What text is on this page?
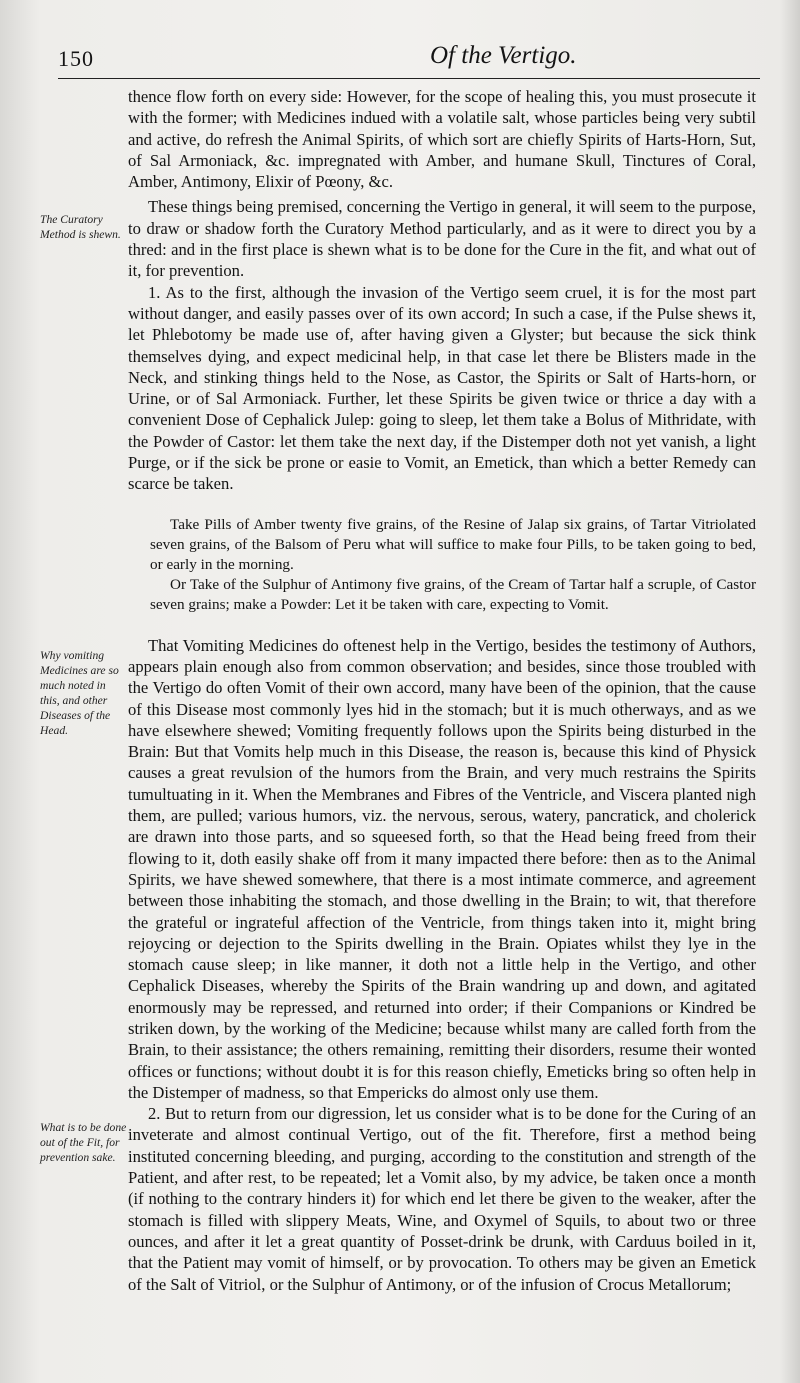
150	Of the Vertigo.
The Curatory Method is shewn.
Why vomiting Medicines are so much noted in this, and other Diseases of the Head.
What is to be done out of the Fit, for prevention sake.

thence flow forth on every side: However, for the scope of healing this, you must prosecute it with the former; with Medicines indued with a volatile salt, whose particles being very subtil and active, do refresh the Animal Spirits, of which sort are chiefly Spirits of Harts-Horn, Sut, of Sal Armoniack, &c. impregnated with Amber, and humane Skull, Tinctures of Coral, Amber, Antimony, Elixir of Pœony, &c.

These things being premised, concerning the Vertigo in general, it will seem to the purpose, to draw or shadow forth the Curatory Method particularly, and as it were to direct you by a thred: and in the first place is shewn what is to be done for the Cure in the fit, and what out of it, for prevention.

1. As to the first, although the invasion of the Vertigo seem cruel, it is for the most part without danger, and easily passes over of its own accord; In such a case, if the Pulse shews it, let Phlebotomy be made use of, after having given a Glyster; but because the sick think themselves dying, and expect medicinal help, in that case let there be Blisters made in the Neck, and stinking things held to the Nose, as Castor, the Spirits or Salt of Harts-horn, or Urine, or of Sal Armoniack. Further, let these Spirits be given twice or thrice a day with a convenient Dose of Cephalick Julep: going to sleep, let them take a Bolus of Mithridate, with the Powder of Castor: let them take the next day, if the Distemper doth not yet vanish, a light Purge, or if the sick be prone or easie to Vomit, an Emetick, than which a better Remedy can scarce be taken.

Take Pills of Amber twenty five grains, of the Resine of Jalap six grains, of Tartar Vitriolated seven grains, of the Balsom of Peru what will suffice to make four Pills, to be taken going to bed, or early in the morning.

Or Take of the Sulphur of Antimony five grains, of the Cream of Tartar half a scruple, of Castor seven grains; make a Powder: Let it be taken with care, expecting to Vomit.

That Vomiting Medicines do oftenest help in the Vertigo, besides the testimony of Authors, appears plain enough also from common observation; and besides, since those troubled with the Vertigo do often Vomit of their own accord, many have been of the opinion, that the cause of this Disease most commonly lyes hid in the stomach; but it is much otherways, and as we have elsewhere shewed; Vomiting frequently follows upon the Spirits being disturbed in the Brain: But that Vomits help much in this Disease, the reason is, because this kind of Physick causes a great revulsion of the humors from the Brain, and very much restrains the Spirits tumultuating in it. When the Membranes and Fibres of the Ventricle, and Viscera planted nigh them, are pulled; various humors, viz. the nervous, serous, watery, pancratick, and cholerick are drawn into those parts, and so squeesed forth, so that the Head being freed from their flowing to it, doth easily shake off from it many impacted there before: then as to the Animal Spirits, we have shewed somewhere, that there is a most intimate commerce, and agreement between those inhabiting the stomach, and those dwelling in the Brain; to wit, that therefore the grateful or ingrateful affection of the Ventricle, from things taken into it, might bring rejoycing or dejection to the Spirits dwelling in the Brain. Opiates whilst they lye in the stomach cause sleep; in like manner, it doth not a little help in the Vertigo, and other Cephalick Diseases, whereby the Spirits of the Brain wandring up and down, and agitated enormously may be repressed, and returned into order; if their Companions or Kindred be striken down, by the working of the Medicine; because whilst many are called forth from the Brain, to their assistance; the others remaining, remitting their disorders, resume their wonted offices or functions; without doubt it is for this reason chiefly, Emeticks bring so often help in the Distemper of madness, so that Empericks do almost only use them.

2. But to return from our digression, let us consider what is to be done for the Curing of an inveterate and almost continual Vertigo, out of the fit. Therefore, first a method being instituted concerning bleeding, and purging, according to the constitution and strength of the Patient, and after rest, to be repeated; let a Vomit also, by my advice, be taken once a month (if nothing to the contrary hinders it) for which end let there be given to the weaker, after the stomach is filled with slippery Meats, Wine, and Oxymel of Squils, to about two or three ounces, and after it let a great quantity of Posset-drink be drunk, with Carduus boiled in it, that the Patient may vomit of himself, or by provocation. To others may be given an Emetick of the Salt of Vitriol, or the Sulphur of Antimony, or of the infusion of Crocus Metallorum;
